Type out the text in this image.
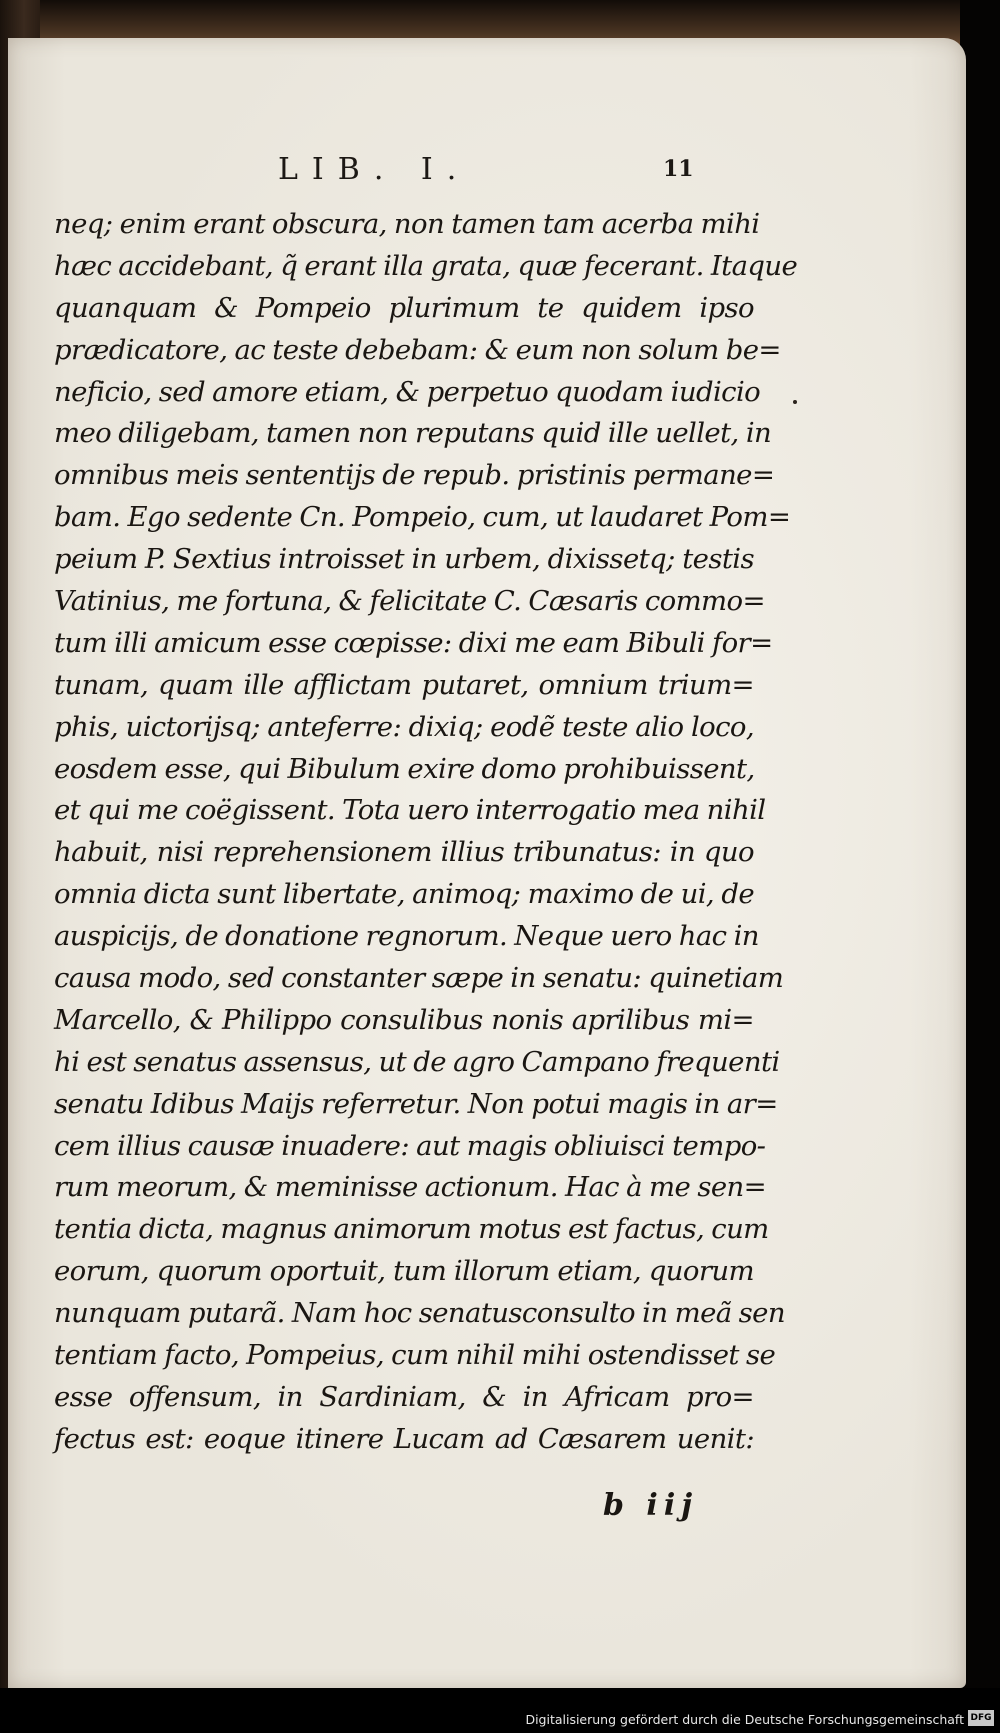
LIB. I.	11
neq; enim erant obscura, non tamen tam acerba mihi
hæc accidebant, q̃ erant illa grata, quæ fecerant. Itaque
quanquam & Pompeio plurimum te quidem ipso
prædicatore, ac teste debebam: & eum non solum be=
neficio, sed amore etiam, & perpetuo quodam iudicio
meo diligebam, tamen non reputans quid ille uellet, in
omnibus meis sententijs de repub. pristinis permane=
bam. Ego sedente Cn. Pompeio, cum, ut laudaret Pom=
peium P. Sextius introisset in urbem, dixissetq; testis
Vatinius, me fortuna, & felicitate C. Cæsaris commo=
tum illi amicum esse cœpisse: dixi me eam Bibuli for=
tunam, quam ille afflictam putaret, omnium trium=
phis, uictorijsq; anteferre: dixiq; eodẽ teste alio loco,
eosdem esse, qui Bibulum exire domo prohibuissent,
et qui me coëgissent. Tota uero interrogatio mea nihil
habuit, nisi reprehensionem illius tribunatus: in quo
omnia dicta sunt libertate, animoq; maximo de ui, de
auspicijs, de donatione regnorum. Neque uero hac in
causa modo, sed constanter sæpe in senatu: quinetiam
Marcello, & Philippo consulibus nonis aprilibus mi=
hi est senatus assensus, ut de agro Campano frequenti
senatu Idibus Maijs referretur. Non potui magis in ar=
cem illius causæ inuadere: aut magis obliuisci tempo-
rum meorum, & meminisse actionum. Hac à me sen=
tentia dicta, magnus animorum motus est factus, cum
eorum, quorum oportuit, tum illorum etiam, quorum
nunquam putarã. Nam hoc senatusconsulto in meã sen
tentiam facto, Pompeius, cum nihil mihi ostendisset se
esse offensum, in Sardiniam, & in Africam pro=
fectus est: eoque itinere Lucam ad Cæsarem uenit:
b iij
Digitalisierung gefördert durch die Deutsche Forschungsgemeinschaft DFG
